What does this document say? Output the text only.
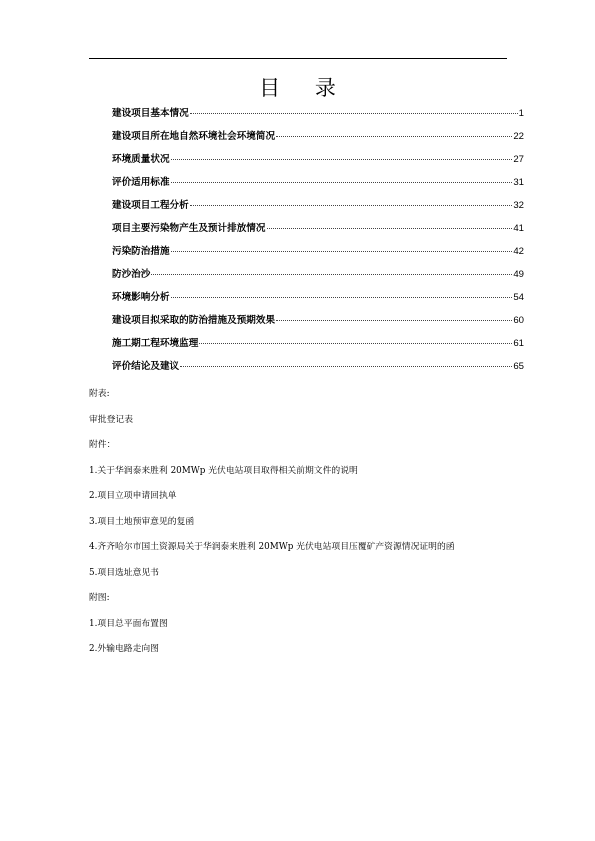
目 录
建设项目基本情况	1
建设项目所在地自然环境社会环境简况	22
环境质量状况	27
评价适用标准	31
建设项目工程分析	32
项目主要污染物产生及预计排放情况	41
污染防治措施	42
防沙治沙	49
环境影响分析	54
建设项目拟采取的防治措施及预期效果	60
施工期工程环境监理	61
评价结论及建议	65
附表:
审批登记表
附件：
1.关于华润泰来胜利 20MWp 光伏电站项目取得相关前期文件的说明
2.项目立项申请回执单
3.项目土地预审意见的复函
4.齐齐哈尔市国土资源局关于华润泰来胜利 20MWp 光伏电站项目压覆矿产资源情况证明的函
5.项目选址意见书
附图:
1.项目总平面布置图
2.外输电路走向图
